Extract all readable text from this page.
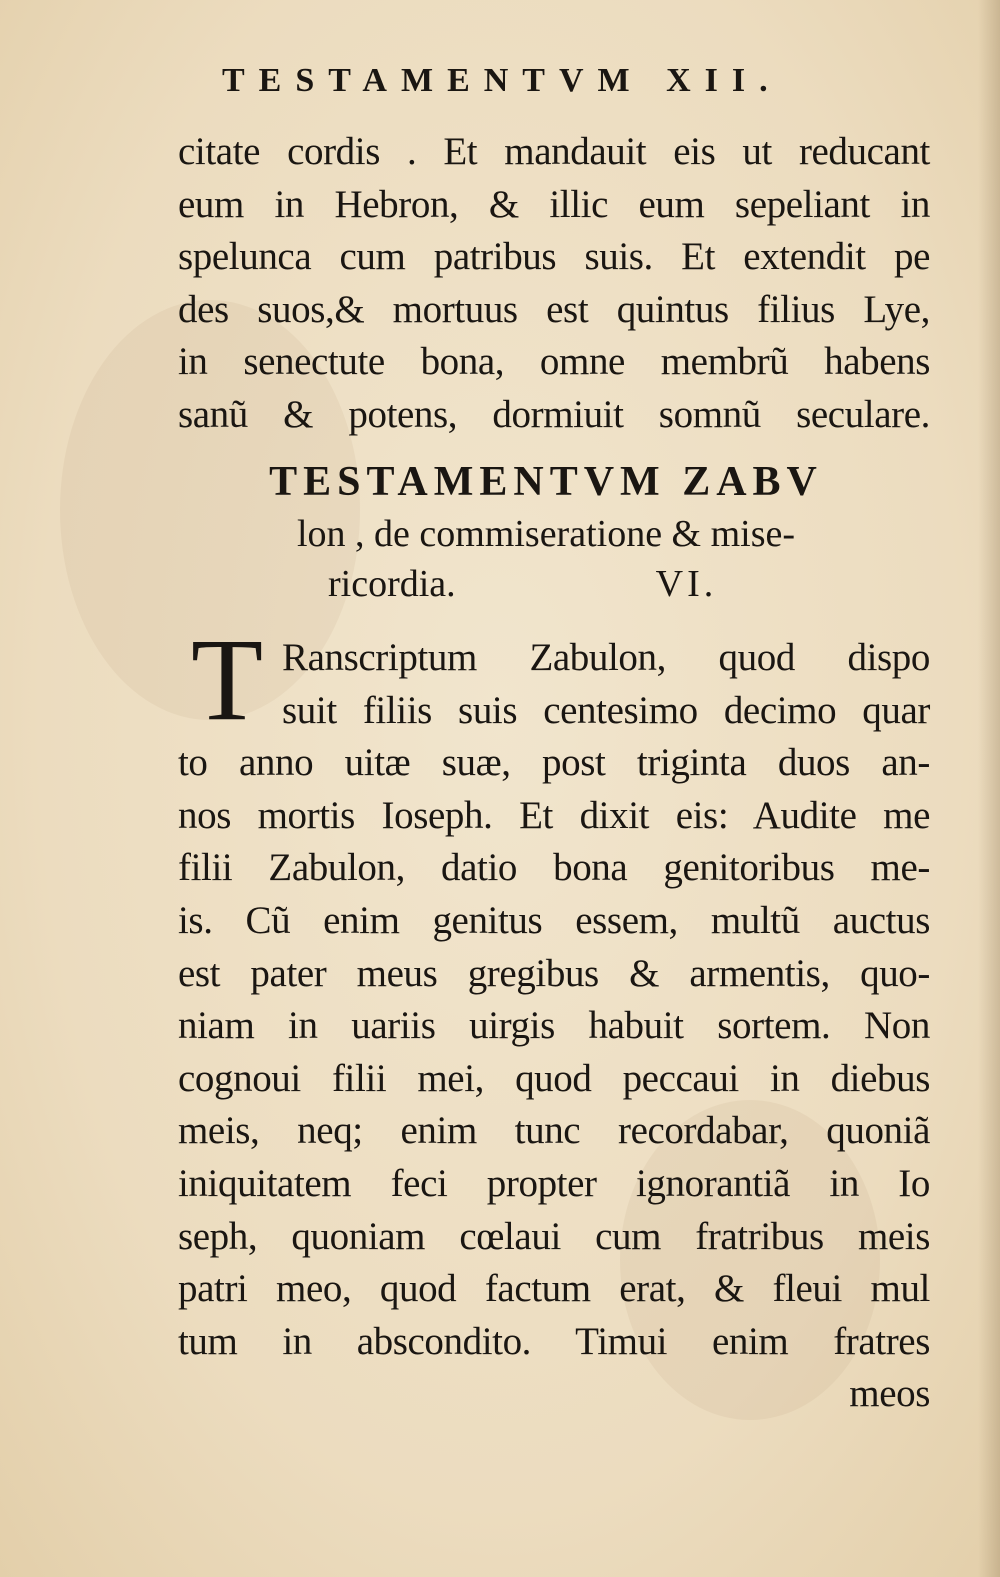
TESTAMENTVM XII.
citate cordis . Et mandauit eis ut reducant
eum in Hebron, & illic eum sepeliant in
spelunca cum patribus suis. Et extendit pe
des suos,& mortuus est quintus filius Lye,
in senectute bona, omne membrũ habens
sanũ & potens, dormiuit somnũ seculare.
TESTAMENTVM ZABV
lon , de commiseratione & mise-
ricordia.	VI.
T Ranscriptum Zabulon, quod dispo
suit filiis suis centesimo decimo quar
to anno uitæ suæ, post triginta duos an-
nos mortis Ioseph. Et dixit eis: Audite me
filii Zabulon, datio bona genitoribus me-
is. Cũ enim genitus essem, multũ auctus
est pater meus gregibus & armentis, quo-
niam in uariis uirgis habuit sortem. Non
cognoui filii mei, quod peccaui in diebus
meis, neq; enim tunc recordabar, quoniã
iniquitatem feci propter ignorantiã in Io
seph, quoniam cœlaui cum fratribus meis
patri meo, quod factum erat, & fleui mul
tum in abscondito. Timui enim fratres
meos
